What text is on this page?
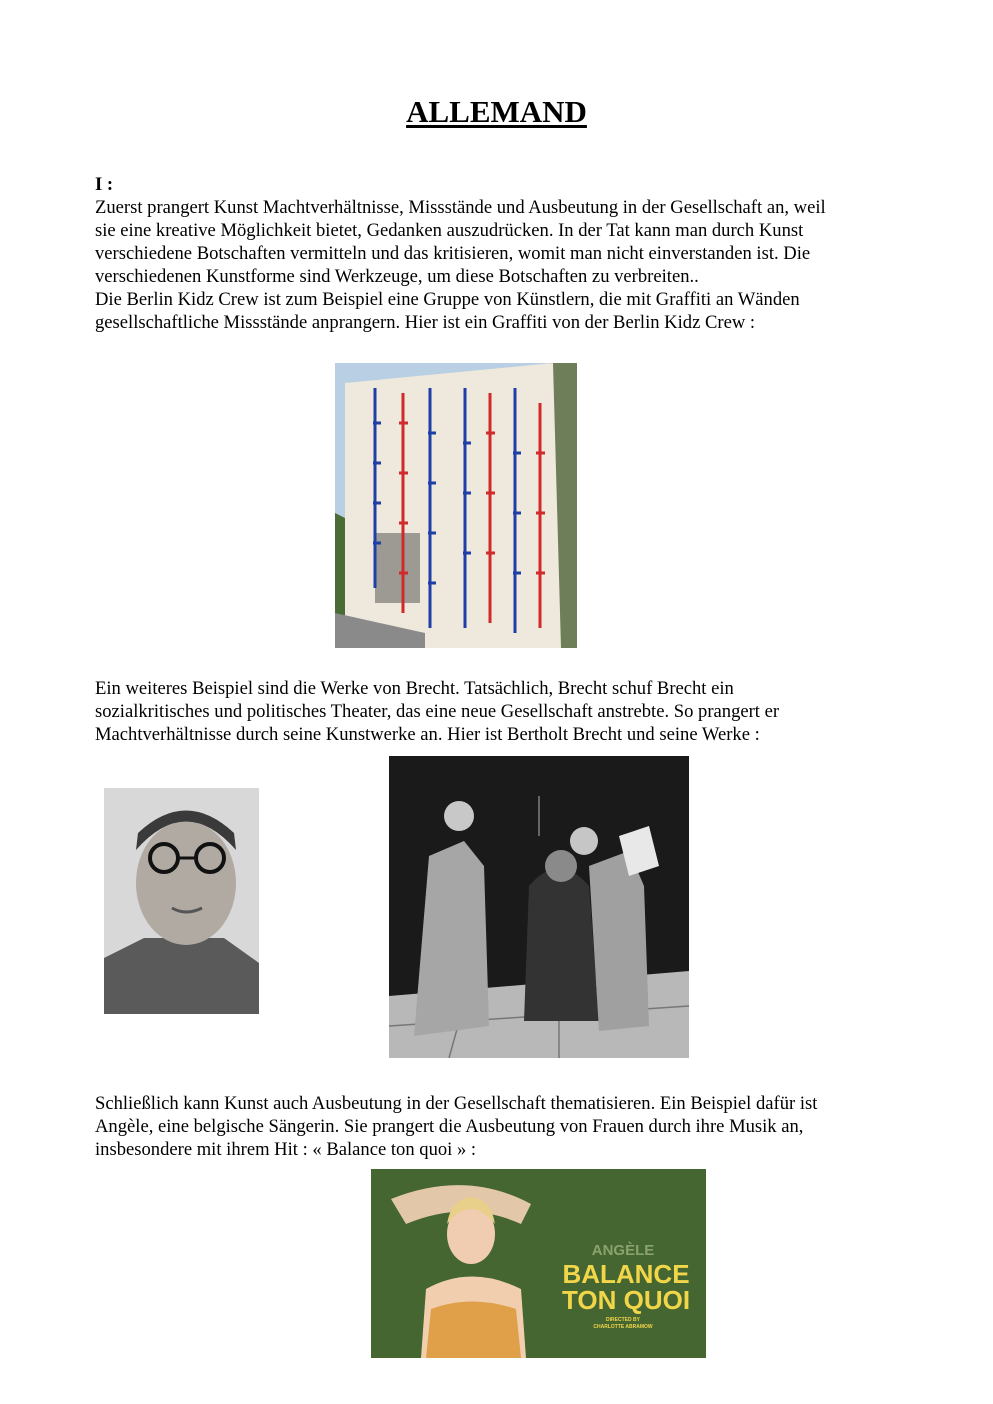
ALLEMAND
I :
Zuerst prangert Kunst Machtverhältnisse, Missstände und Ausbeutung in der Gesellschaft an, weil
sie eine kreative Möglichkeit bietet, Gedanken auszudrücken. In der Tat kann man durch Kunst
verschiedene Botschaften vermitteln und das kritisieren, womit man nicht einverstanden ist. Die
verschiedenen Kunstforme sind Werkzeuge, um diese Botschaften zu verbreiten..
Die Berlin Kidz Crew ist zum Beispiel eine Gruppe von Künstlern, die mit Graffiti an Wänden
gesellschaftliche Missstände anprangern. Hier ist ein Graffiti von der Berlin Kidz Crew :
Ein weiteres Beispiel sind die Werke von Brecht. Tatsächlich, Brecht schuf Brecht ein
sozialkritisches und politisches Theater, das eine neue Gesellschaft anstrebte. So prangert er
Machtverhältnisse durch seine Kunstwerke an. Hier ist Bertholt Brecht und seine Werke :
Schließlich kann Kunst auch Ausbeutung in der Gesellschaft thematisieren. Ein Beispiel dafür ist
Angèle, eine belgische Sängerin. Sie prangert die Ausbeutung von Frauen durch ihre Musik an,
insbesondere mit ihrem Hit : « Balance ton quoi » :
ANGÈLE
BALANCE
TON QUOI
DIRECTED BY
CHARLOTTE ABRAMOW
